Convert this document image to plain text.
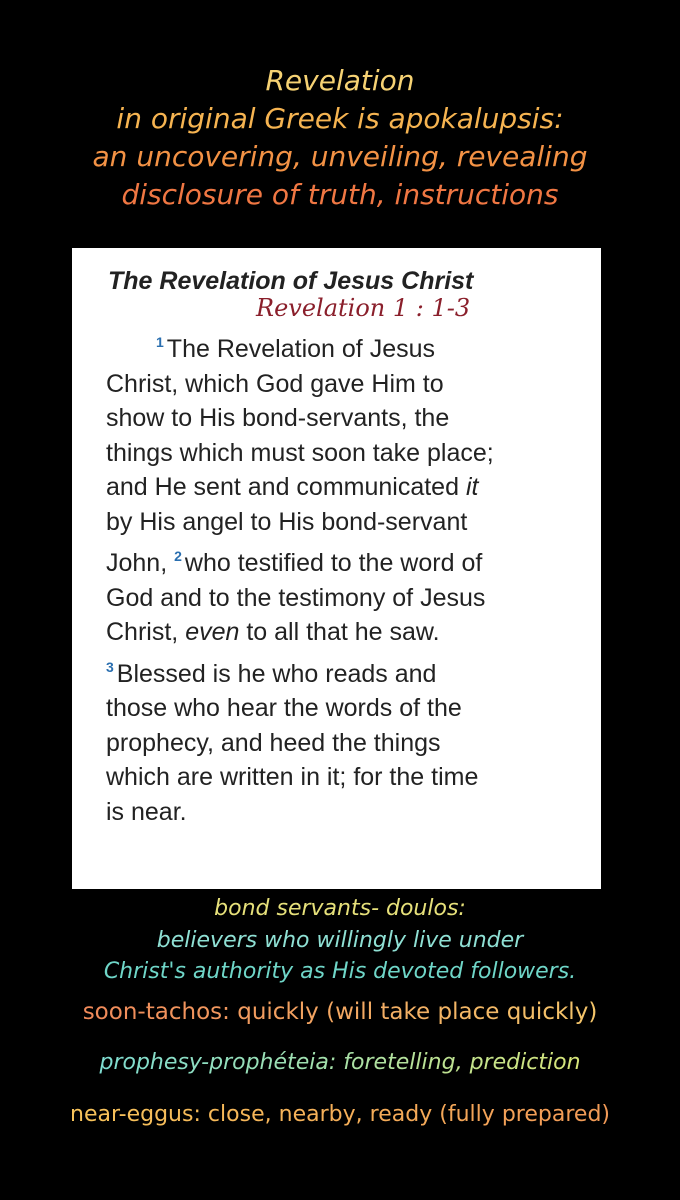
Revelation
in original Greek is apokalupsis:
an uncovering, unveiling, revealing
disclosure of truth, instructions
The Revelation of Jesus Christ
Revelation 1 : 1-3
$^1$ The Revelation of Jesus
Christ, which God gave Him to
show to His bond-servants, the
things which must soon take place;
and He sent and communicated it
by His angel to His bond-servant
John, $^2$ who testified to the word of
God and to the testimony of Jesus
Christ, even to all that he saw.
$^3$ Blessed is he who reads and
those who hear the words of the
prophecy, and heed the things
which are written in it; for the time
is near.
bond servants- doulos:
believers who willingly live under
Christ's authority as His devoted followers.
soon-tachos: quickly (will take place quickly)
prophesy-prophéteia: foretelling, prediction
near-eggus: close, nearby, ready (fully prepared)
